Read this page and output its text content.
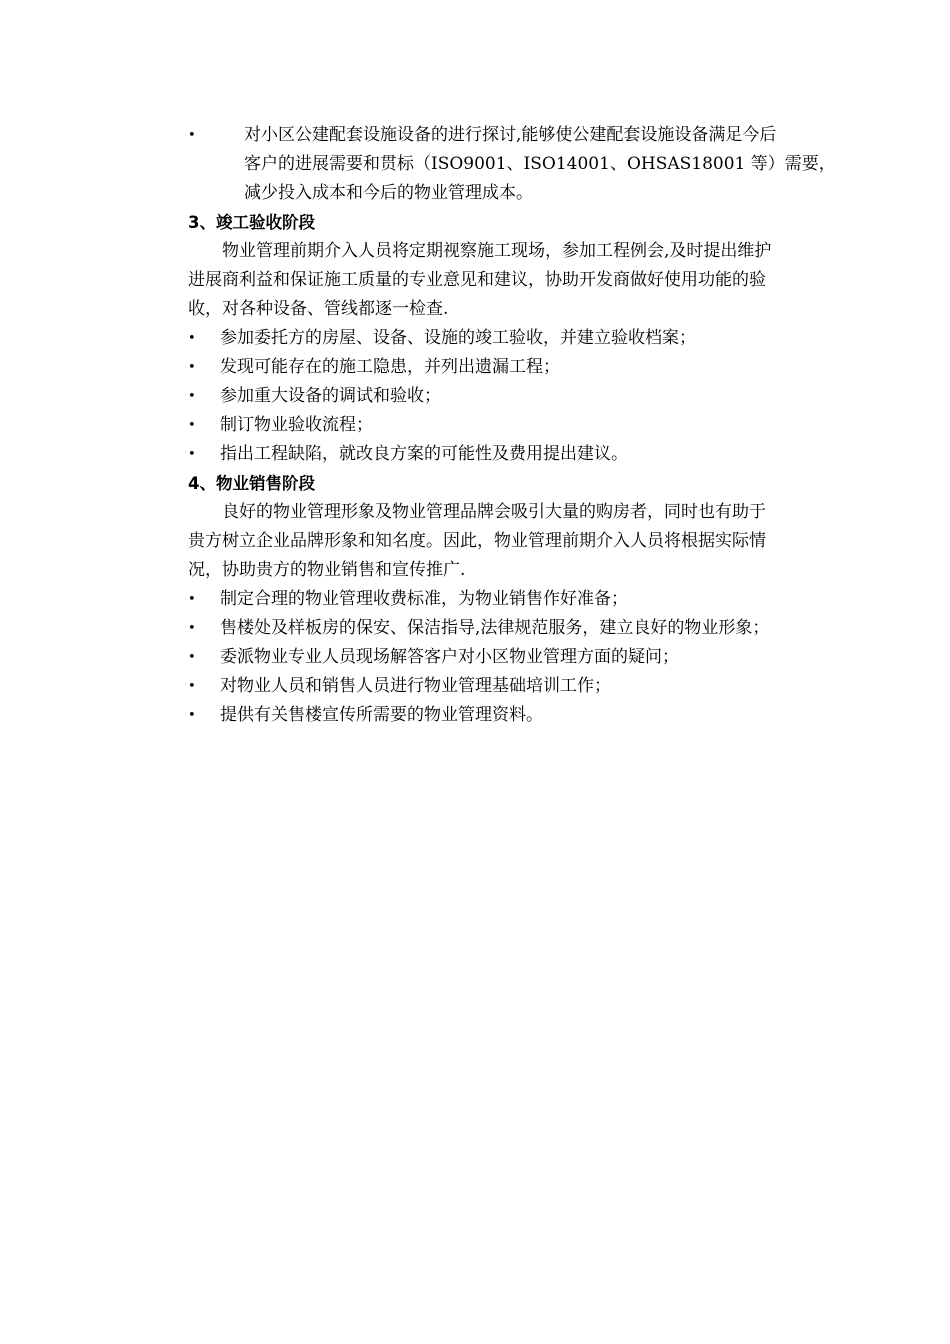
•	对小区公建配套设施设备的进行探讨,能够使公建配套设施设备满足今后
客户的进展需要和贯标（ISO9001、ISO14001、OHSAS18001 等）需要，
减少投入成本和今后的物业管理成本。
3、竣工验收阶段
物业管理前期介入人员将定期视察施工现场，参加工程例会,及时提出维护
进展商利益和保证施工质量的专业意见和建议，协助开发商做好使用功能的验
收，对各种设备、管线都逐一检查.
• 参加委托方的房屋、设备、设施的竣工验收，并建立验收档案；
• 发现可能存在的施工隐患，并列出遗漏工程；
• 参加重大设备的调试和验收；
• 制订物业验收流程；
• 指出工程缺陷，就改良方案的可能性及费用提出建议。
4、物业销售阶段
良好的物业管理形象及物业管理品牌会吸引大量的购房者，同时也有助于
贵方树立企业品牌形象和知名度。因此，物业管理前期介入人员将根据实际情
况，协助贵方的物业销售和宣传推广.
• 制定合理的物业管理收费标准，为物业销售作好准备；
• 售楼处及样板房的保安、保洁指导,法律规范服务，建立良好的物业形象；
• 委派物业专业人员现场解答客户对小区物业管理方面的疑问；
• 对物业人员和销售人员进行物业管理基础培训工作；
• 提供有关售楼宣传所需要的物业管理资料。
